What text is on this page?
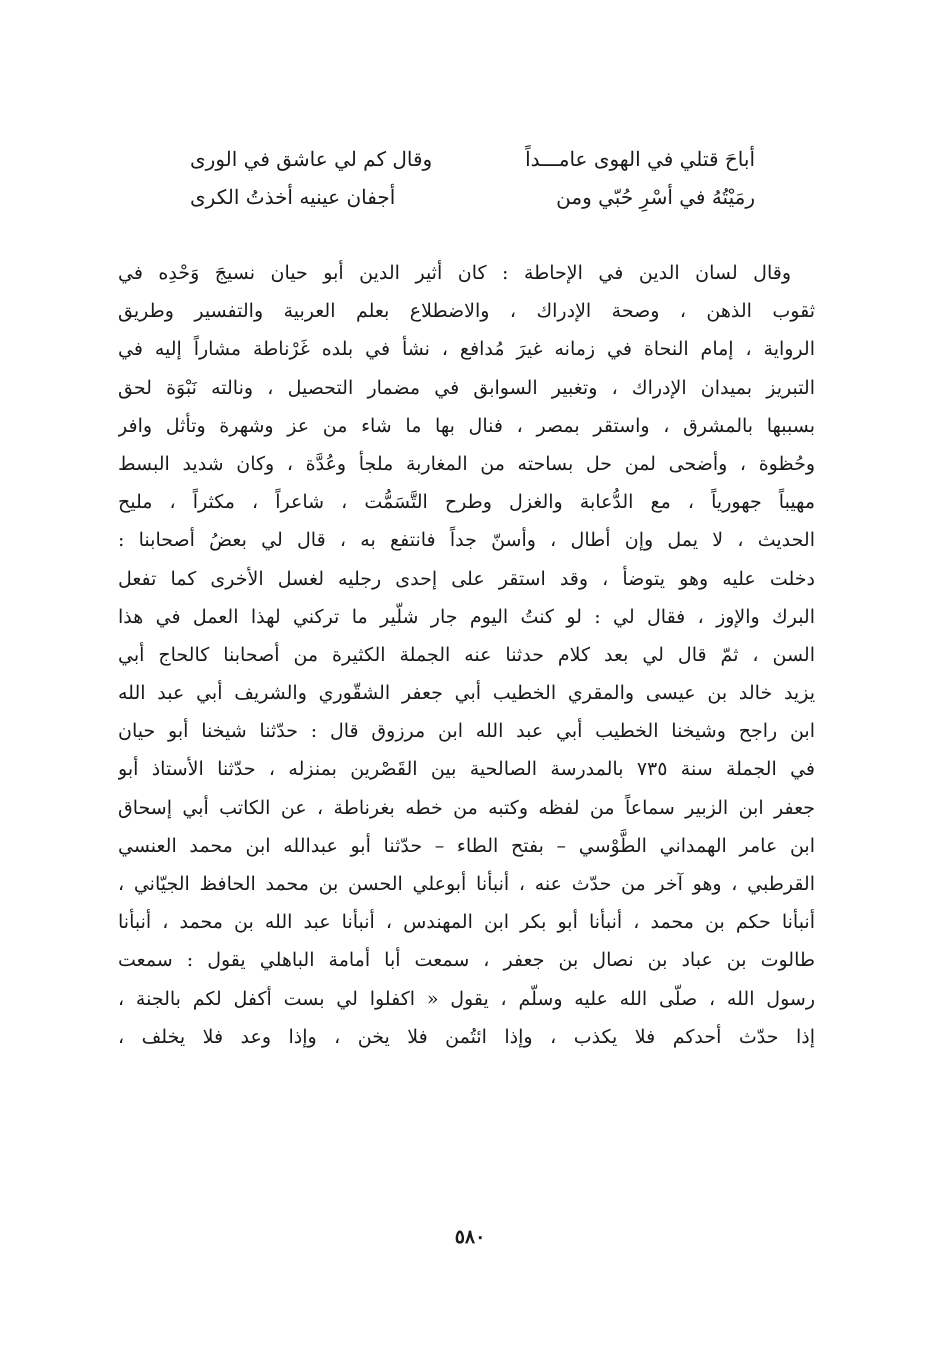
أباحَ قتلي في الهوى عامـــداً
وقال كم لي عاشق في الورى
رمَيْتُهُ في أسْرِ حُبّي ومن
أجفان عينيه أخذتُ الكرى
وقال لسان الدين في الإحاطة : كان أثير الدين أبو حيان نسيجَ وَحْدِه في
ثقوب الذهن ، وصحة الإدراك ، والاضطلاع بعلم العربية والتفسير وطريق
الرواية ، إمام النحاة في زمانه غيرَ مُدافع ، نشأ في بلده غَرْناطة مشاراً إليه في
التبريز بميدان الإدراك ، وتغبير السوابق في مضمار التحصيل ، ونالته نَبْوَة لحق
بسببها بالمشرق ، واستقر بمصر ، فنال بها ما شاء من عز وشهرة وتأثل وافر
وحُظوة ، وأضحى لمن حل بساحته من المغاربة ملجأ وعُدَّة ، وكان شديد البسط
مهيباً جهورياً ، مع الدُّعابة والغزل وطرح التَّسَمُّت ، شاعراً ، مكثراً ، مليح
الحديث ، لا يمل وإن أطال ، وأسنّ جداً فانتفع به ، قال لي بعضُ أصحابنا :
دخلت عليه وهو يتوضأ ، وقد استقر على إحدى رجليه لغسل الأخرى كما تفعل
البرك والإوز ، فقال لي : لو كنتُ اليوم جار شلّير ما تركني لهذا العمل في هذا
السن ، ثمّ قال لي بعد كلام حدثنا عنه الجملة الكثيرة من أصحابنا كالحاج أبي
يزيد خالد بن عيسى والمقري الخطيب أبي جعفر الشقّوري والشريف أبي عبد الله
ابن راجح وشيخنا الخطيب أبي عبد الله ابن مرزوق قال : حدّثنا شيخنا أبو حيان
في الجملة سنة ٧٣٥ بالمدرسة الصالحية بين القَصْرين بمنزله ، حدّثنا الأستاذ أبو
جعفر ابن الزبير سماعاً من لفظه وكتبه من خطه بغرناطة ، عن الكاتب أبي إسحاق
ابن عامر الهمداني الطَّوْسي – بفتح الطاء – حدّثنا أبو عبدالله ابن محمد العنسي
القرطبي ، وهو آخر من حدّث عنه ، أنبأنا أبوعلي الحسن بن محمد الحافظ الجيّاني ،
أنبأنا حكم بن محمد ، أنبأنا أبو بكر ابن المهندس ، أنبأنا عبد الله بن محمد ، أنبأنا
طالوت بن عباد بن نصال بن جعفر ، سمعت أبا أمامة الباهلي يقول : سمعت
رسول الله ، صلّى الله عليه وسلّم ، يقول « اكفلوا لي بست أكفل لكم بالجنة ،
إذا حدّث أحدكم فلا يكذب ، وإذا ائتُمن فلا يخن ، وإذا وعد فلا يخلف ،
٥٨٠
